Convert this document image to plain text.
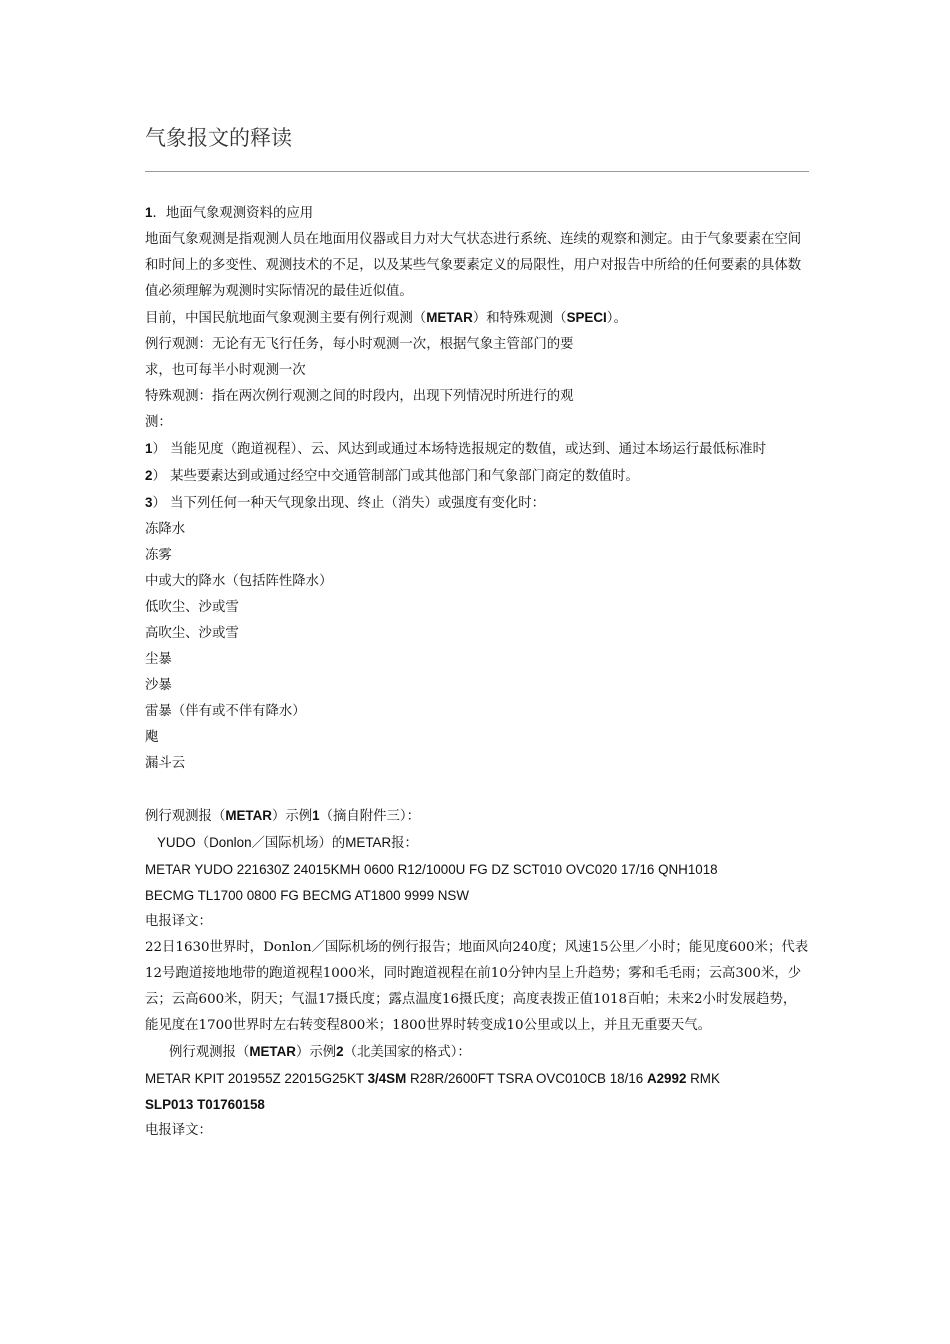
气象报文的释读

1．地面气象观测资料的应用

地面气象观测是指观测人员在地面用仪器或目力对大气状态进行系统、连续的观察和测定。由于气象要素在空间和时间上的多变性、观测技术的不足，以及某些气象要素定义的局限性，用户对报告中所给的任何要素的具体数值必须理解为观测时实际情况的最佳近似值。

目前，中国民航地面气象观测主要有例行观测（METAR）和特殊观测（SPECI）。

例行观测：无论有无飞行任务，每小时观测一次，根据气象主管部门的要

求，也可每半小时观测一次

特殊观测：指在两次例行观测之间的时段内，出现下列情况时所进行的观

测：

1） 当能见度（跑道视程）、云、风达到或通过本场特选报规定的数值，或达到、通过本场运行最低标准时

2） 某些要素达到或通过经空中交通管制部门或其他部门和气象部门商定的数值时。

3） 当下列任何一种天气现象出现、终止（消失）或强度有变化时：

冻降水

冻雾

中或大的降水（包括阵性降水）

低吹尘、沙或雪

高吹尘、沙或雪

尘暴

沙暴

雷暴（伴有或不伴有降水）

飑

漏斗云

例行观测报（METAR）示例1（摘自附件三）：

YUDO（Donlon／国际机场）的METAR报：

METAR YUDO 221630Z 24015KMH 0600 R12/1000U FG DZ SCT010 OVC020 17/16 QNH1018

BECMG TL1700 0800 FG BECMG AT1800 9999 NSW

电报译文：

22日1630世界时，Donlon／国际机场的例行报告；地面风向240度；风速15公里／小时；能见度600米；代表12号跑道接地地带的跑道视程1000米，同时跑道视程在前10分钟内呈上升趋势；雾和毛毛雨；云高300米，少云；云高600米，阴天；气温17摄氏度；露点温度16摄氏度；高度表拨正值1018百帕；未来2小时发展趋势，能见度在1700世界时左右转变程800米；1800世界时转变成10公里或以上，并且无重要天气。

例行观测报（METAR）示例2（北美国家的格式）：

METAR KPIT 201955Z 22015G25KT 3/4SM R28R/2600FT TSRA OVC010CB 18/16 A2992 RMK

SLP013 T01760158

电报译文：
